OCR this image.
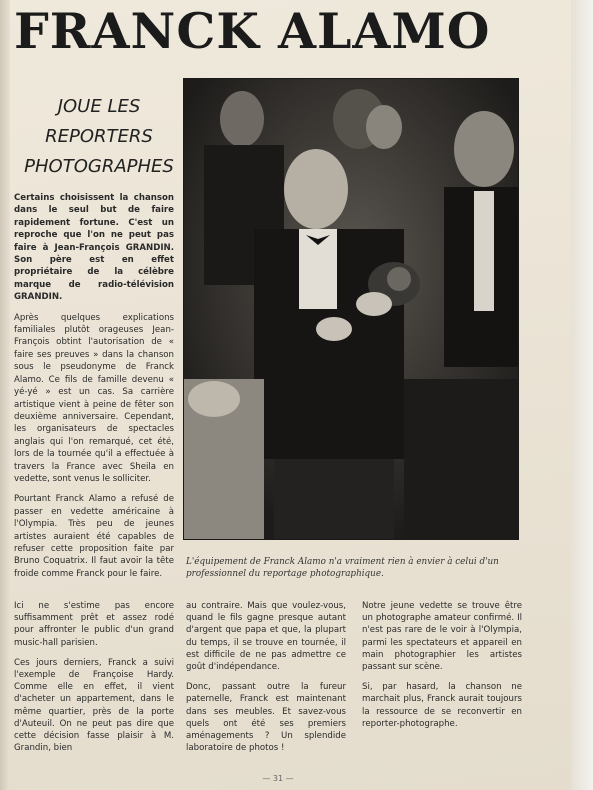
FRANCK ALAMO
JOUE LES
REPORTERS
PHOTOGRAPHES

Certains choisissent la chanson dans le seul but de faire rapidement fortune. C'est un reproche que l'on ne peut pas faire à Jean-François GRANDIN. Son père est en effet propriétaire de la célèbre marque de radio-télévision GRANDIN.

Après quelques explications familiales plutôt orageuses Jean-François obtint l'autorisation de « faire ses preuves » dans la chanson sous le pseudonyme de Franck Alamo. Ce fils de famille devenu « yé-yé » est un cas. Sa carrière artistique vient à peine de fêter son deuxième anniversaire. Cependant, les organisateurs de spectacles anglais qui l'on remarqué, cet été, lors de la tournée qu'il a effectuée à travers la France avec Sheila en vedette, sont venus le solliciter.

Pourtant Franck Alamo a refusé de passer en vedette américaine à l'Olympia. Très peu de jeunes artistes auraient été capables de refuser cette proposition faite par Bruno Coquatrix. Il faut avoir la tête froide comme Franck pour le faire.

L'équipement de Franck Alamo n'a vraiment rien à envier à celui d'un professionnel du reportage photographique.

Ici ne s'estime pas encore suffisamment prêt et assez rodé pour affronter le public d'un grand music-hall parisien.

Ces jours derniers, Franck a suivi l'exemple de Françoise Hardy. Comme elle en effet, il vient d'acheter un appartement, dans le même quartier, près de la porte d'Auteuil. On ne peut pas dire que cette décision fasse plaisir à M. Grandin, bien

au contraire. Mais que voulez-vous, quand le fils gagne presque autant d'argent que papa et que, la plupart du temps, il se trouve en tournée, il est difficile de ne pas admettre ce goût d'indépendance.

Donc, passant outre la fureur paternelle, Franck est maintenant dans ses meubles. Et savez-vous quels ont été ses premiers aménagements ? Un splendide laboratoire de photos !

Notre jeune vedette se trouve être un photographe amateur confirmé. Il n'est pas rare de le voir à l'Olympia, parmi les spectateurs et appareil en main photographier les artistes passant sur scène.

Si, par hasard, la chanson ne marchait plus, Franck aurait toujours la ressource de se reconvertir en reporter-photographe.

— 31 —
